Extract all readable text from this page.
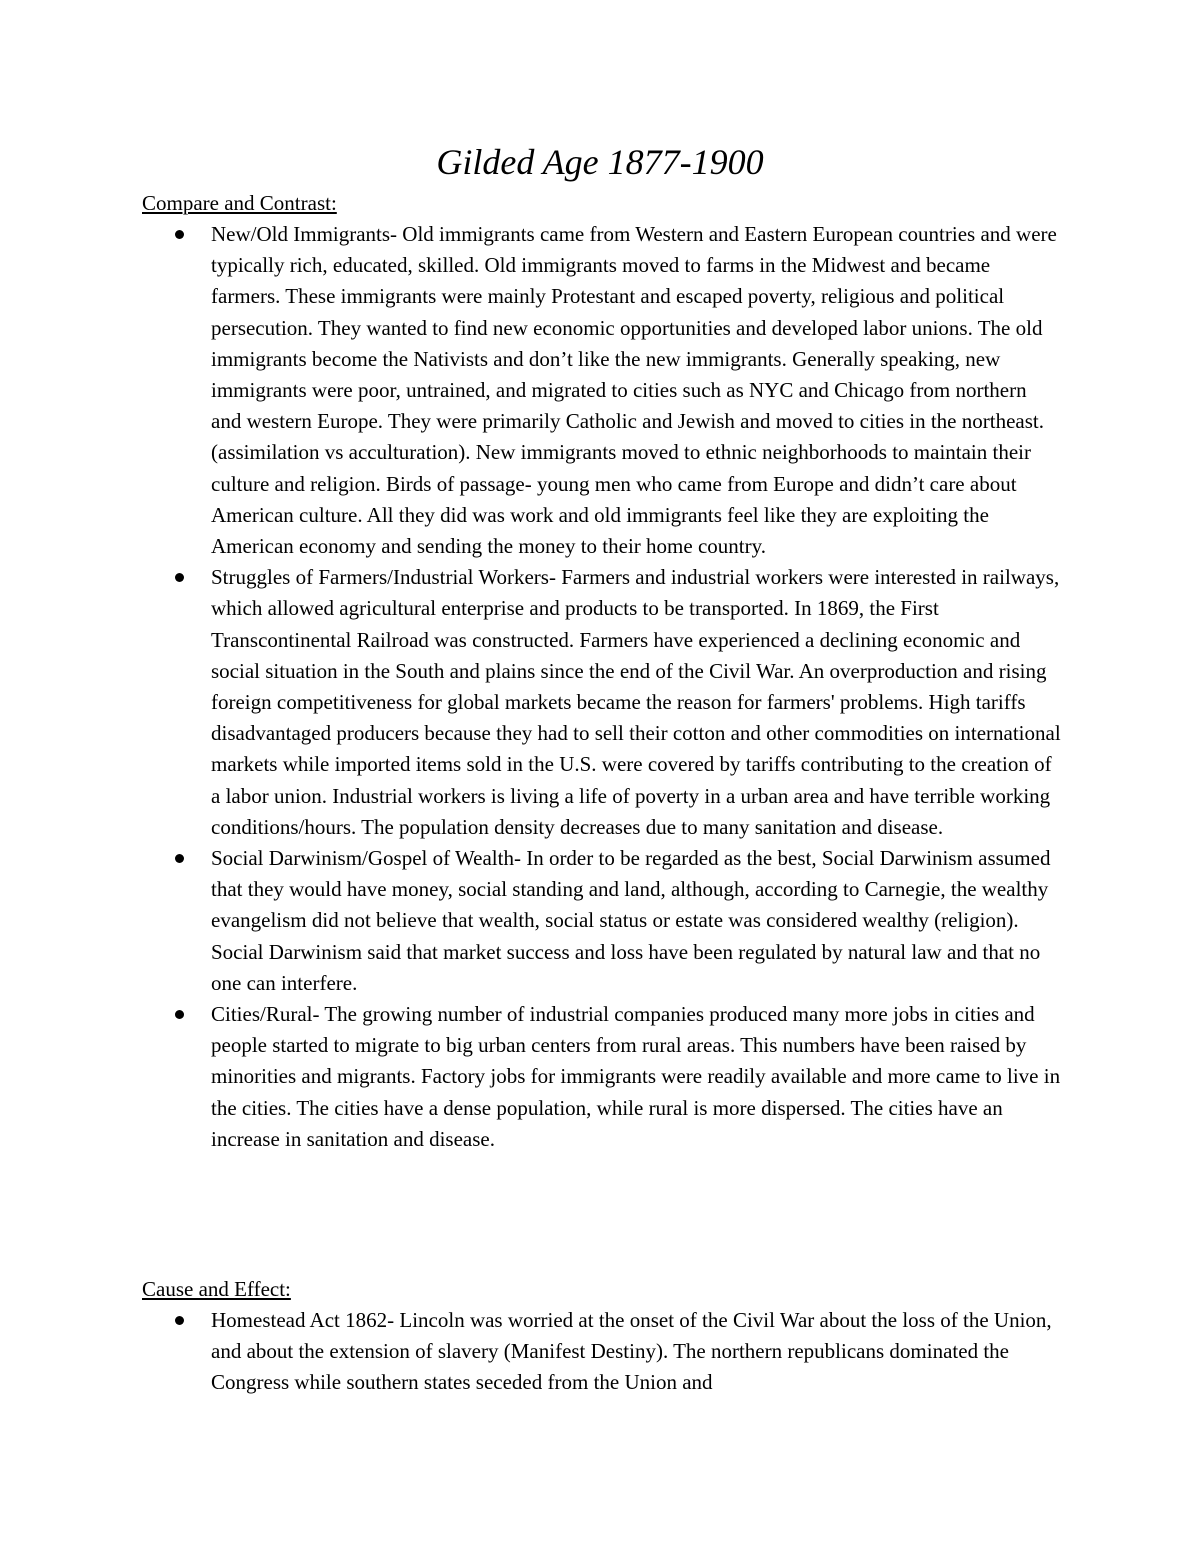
Gilded Age 1877-1900
Compare and Contrast:
New/Old Immigrants- Old immigrants came from Western and Eastern European countries and were typically rich, educated, skilled. Old immigrants moved to farms in the Midwest and became farmers. These immigrants were mainly Protestant and escaped poverty, religious and political persecution. They wanted to find new economic opportunities and developed labor unions. The old immigrants become the Nativists and don’t like the new immigrants. Generally speaking, new immigrants were poor, untrained, and migrated to cities such as NYC and Chicago from northern and western Europe. They were primarily Catholic and Jewish and moved to cities in the northeast. (assimilation vs acculturation). New immigrants moved to ethnic neighborhoods to maintain their culture and religion. Birds of passage- young men who came from Europe and didn’t care about American culture. All they did was work and old immigrants feel like they are exploiting the American economy and sending the money to their home country.
Struggles of Farmers/Industrial Workers- Farmers and industrial workers were interested in railways, which allowed agricultural enterprise and products to be transported. In 1869, the First Transcontinental Railroad was constructed. Farmers have experienced a declining economic and social situation in the South and plains since the end of the Civil War. An overproduction and rising foreign competitiveness for global markets became the reason for farmers' problems. High tariffs disadvantaged producers because they had to sell their cotton and other commodities on international markets while imported items sold in the U.S. were covered by tariffs contributing to the creation of a labor union. Industrial workers is living a life of poverty in a urban area and have terrible working conditions/hours. The population density decreases due to many sanitation and disease.
Social Darwinism/Gospel of Wealth- In order to be regarded as the best, Social Darwinism assumed that they would have money, social standing and land, although, according to Carnegie, the wealthy evangelism did not believe that wealth, social status or estate was considered wealthy (religion). Social Darwinism said that market success and loss have been regulated by natural law and that no one can interfere.
Cities/Rural- The growing number of industrial companies produced many more jobs in cities and people started to migrate to big urban centers from rural areas. This numbers have been raised by minorities and migrants. Factory jobs for immigrants were readily available and more came to live in the cities. The cities have a dense population, while rural is more dispersed. The cities have an increase in sanitation and disease.
Cause and Effect:
Homestead Act 1862- Lincoln was worried at the onset of the Civil War about the loss of the Union, and about the extension of slavery (Manifest Destiny). The northern republicans dominated the Congress while southern states seceded from the Union and
